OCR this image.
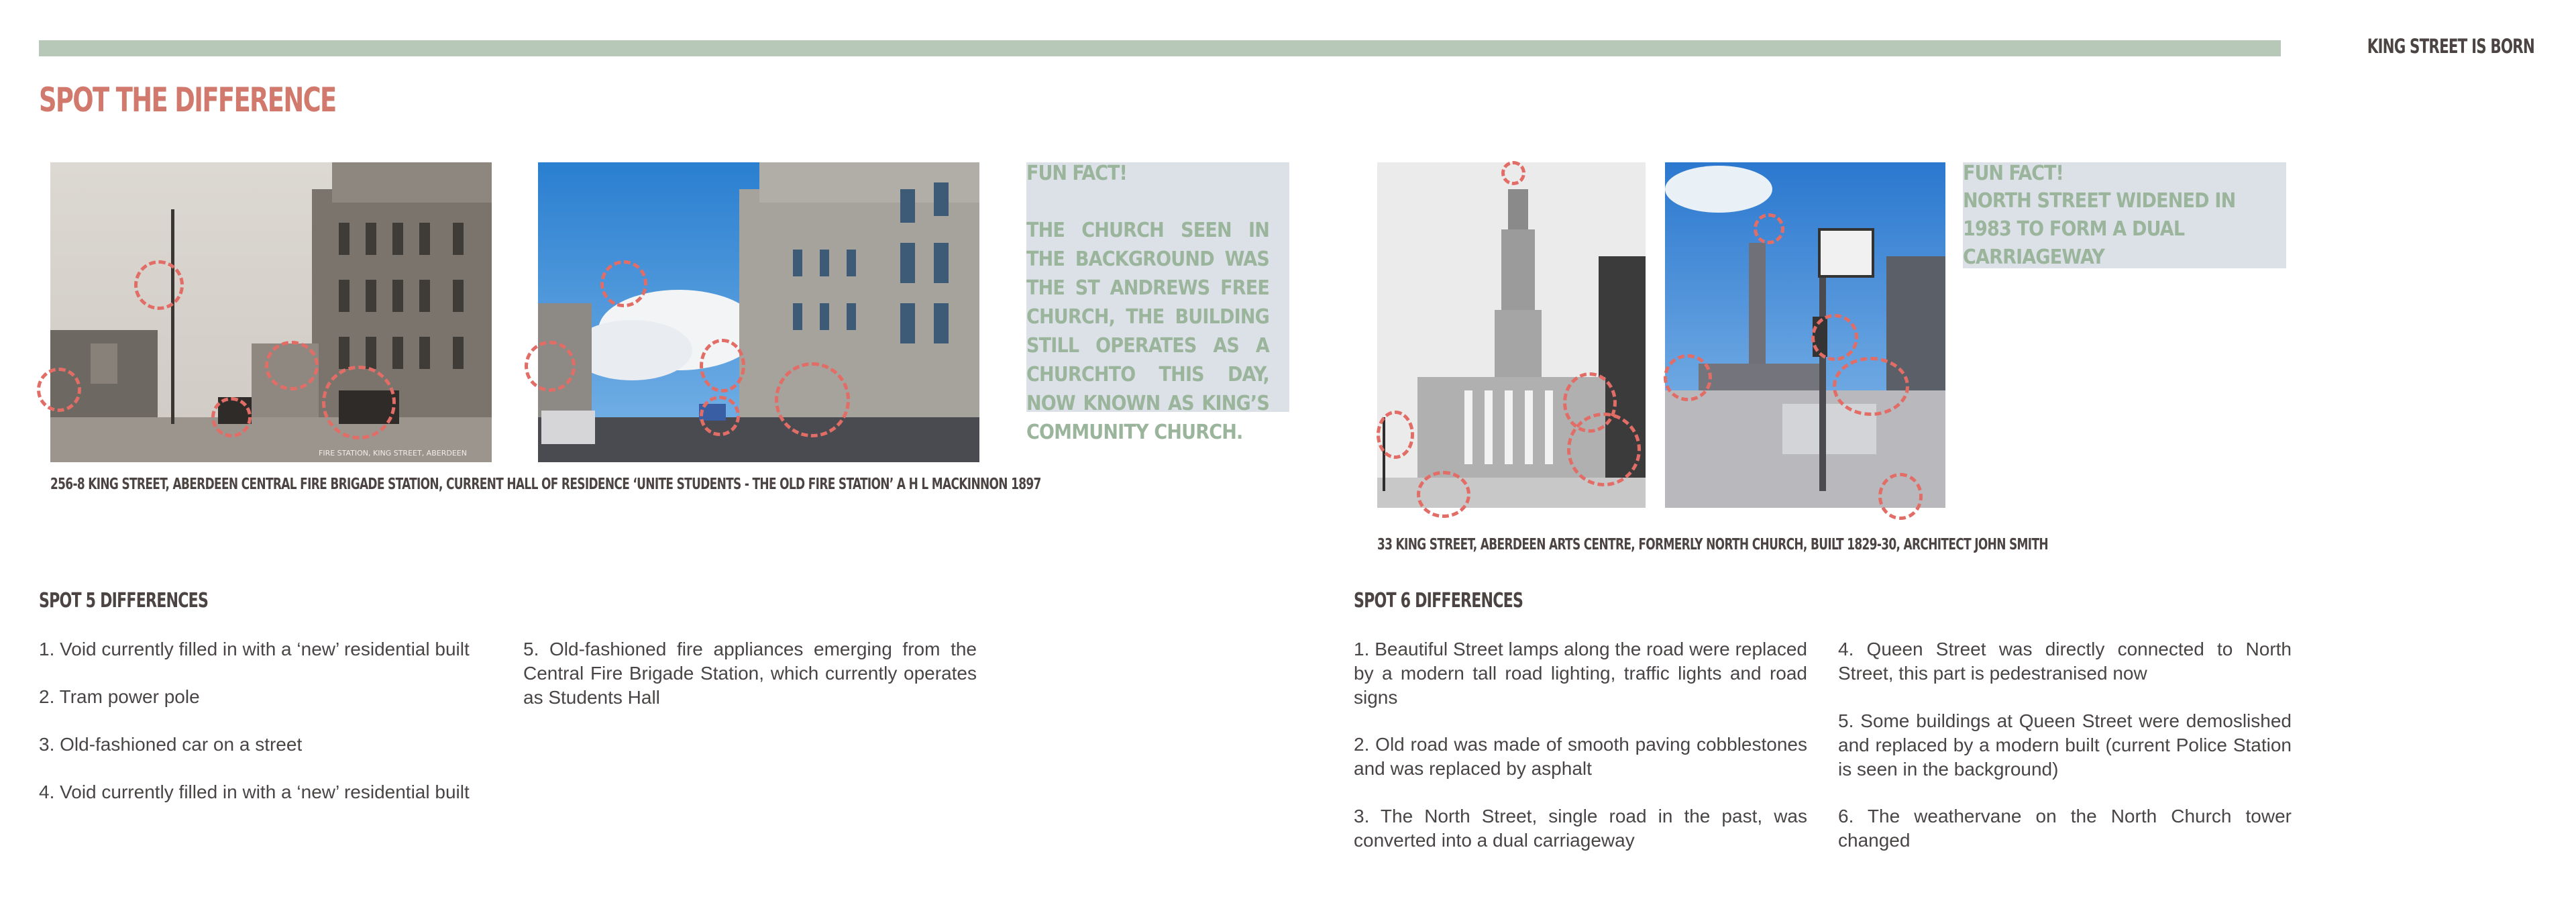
KING STREET IS BORN
SPOT THE DIFFERENCE
FIRE STATION, KING STREET, ABERDEEN
256-8 KING STREET, ABERDEEN CENTRAL FIRE BRIGADE STATION, CURRENT HALL OF RESIDENCE ‘UNITE STUDENTS - THE OLD FIRE STATION’ A H L MACKINNON 1897
FUN FACT!
THE CHURCH SEEN IN THE BACKGROUND WAS THE ST ANDREWS FREE CHURCH, THE BUILDING STILL OPERATES AS A CHURCHTO THIS DAY, NOW KNOWN AS KING’S COMMUNITY CHURCH.
33 KING STREET, ABERDEEN ARTS CENTRE, FORMERLY NORTH CHURCH, BUILT 1829-30, ARCHITECT JOHN SMITH
FUN FACT!
NORTH STREET WIDENED IN 1983 TO FORM A DUAL CARRIAGEWAY
SPOT 5 DIFFERENCES
1. Void currently filled in with a ‘new’ residential built
2. Tram power pole
3. Old-fashioned car on a street
4. Void currently filled in with a ‘new’ residential built
5. Old-fashioned fire appliances emerging from the Central Fire Brigade Station, which currently operates as Students Hall
SPOT 6 DIFFERENCES
1. Beautiful Street lamps along the road were replaced by a modern tall road lighting, traffic lights and road signs
2. Old road was made of smooth paving cobblestones and was replaced by asphalt
3. The North Street, single road in the past, was converted into a dual carriageway
4. Queen Street was directly connected to North Street, this part is pedestranised now
5. Some buildings at Queen Street were demoslished and replaced by a modern built (current Police Station is seen in the background)
6. The weathervane on the North Church tower changed
